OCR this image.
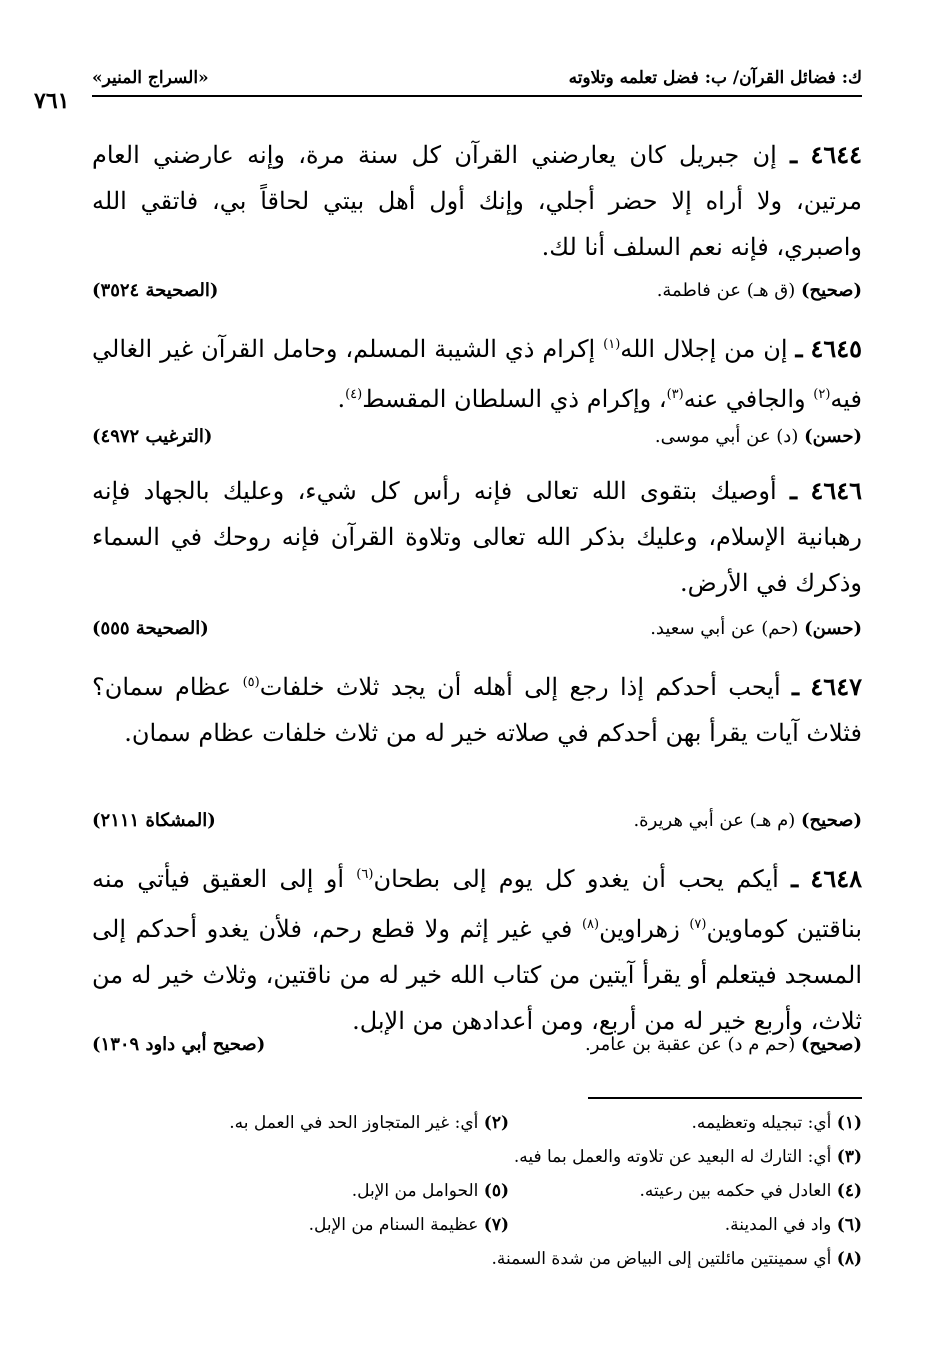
ك: فضائل القرآن/ ب: فضل تعلمه وتلاوته
«السراج المنير»
٧٦١
٤٦٤٤ ـ إن جبريل كان يعارضني القرآن كل سنة مرة، وإنه عارضني العام مرتين، ولا أراه إلا حضر أجلي، وإنك أول أهل بيتي لحاقاً بي، فاتقي الله واصبري، فإنه نعم السلف أنا لك.
(صحيح) (ق هـ) عن فاطمة.
(الصحيحة ٣٥٢٤)
٤٦٤٥ ـ إن من إجلال الله$^{(١)}$ إكرام ذي الشيبة المسلم، وحامل القرآن غير الغالي فيه$^{(٢)}$ والجافي عنه$^{(٣)}$، وإكرام ذي السلطان المقسط$^{(٤)}$.
(حسن) (د) عن أبي موسى.
(الترغيب ٤٩٧٢)
٤٦٤٦ ـ أوصيك بتقوى الله تعالى فإنه رأس كل شيء، وعليك بالجهاد فإنه رهبانية الإسلام، وعليك بذكر الله تعالى وتلاوة القرآن فإنه روحك في السماء وذكرك في الأرض.
(حسن) (حم) عن أبي سعيد.
(الصحيحة ٥٥٥)
٤٦٤٧ ـ أيحب أحدكم إذا رجع إلى أهله أن يجد ثلاث خلفات$^{(٥)}$ عظام سمان؟ فثلاث آيات يقرأ بهن أحدكم في صلاته خير له من ثلاث خلفات عظام سمان.
(صحيح) (م هـ) عن أبي هريرة.
(المشكاة ٢١١١)
٤٦٤٨ ـ أيكم يحب أن يغدو كل يوم إلى بطحان$^{(٦)}$ أو إلى العقيق فيأتي منه بناقتين كوماوين$^{(٧)}$ زهراوين$^{(٨)}$ في غير إثم ولا قطع رحم، فلأن يغدو أحدكم إلى المسجد فيتعلم أو يقرأ آيتين من كتاب الله خير له من ناقتين، وثلاث خير له من ثلاث، وأربع خير له من أربع، ومن أعدادهن من الإبل.
(صحيح) (حم م د) عن عقبة بن عامر.
(صحيح أبي داود ١٣٠٩)
(١) أي: تبجيله وتعظيمه.
(٢) أي: غير المتجاوز الحد في العمل به.
(٣) أي: التارك له البعيد عن تلاوته والعمل بما فيه.
(٤) العادل في حكمه بين رعيته.
(٥) الحوامل من الإبل.
(٦) واد في المدينة.
(٧) عظيمة السنام من الإبل.
(٨) أي سمينتين مائلتين إلى البياض من شدة السمنة.
